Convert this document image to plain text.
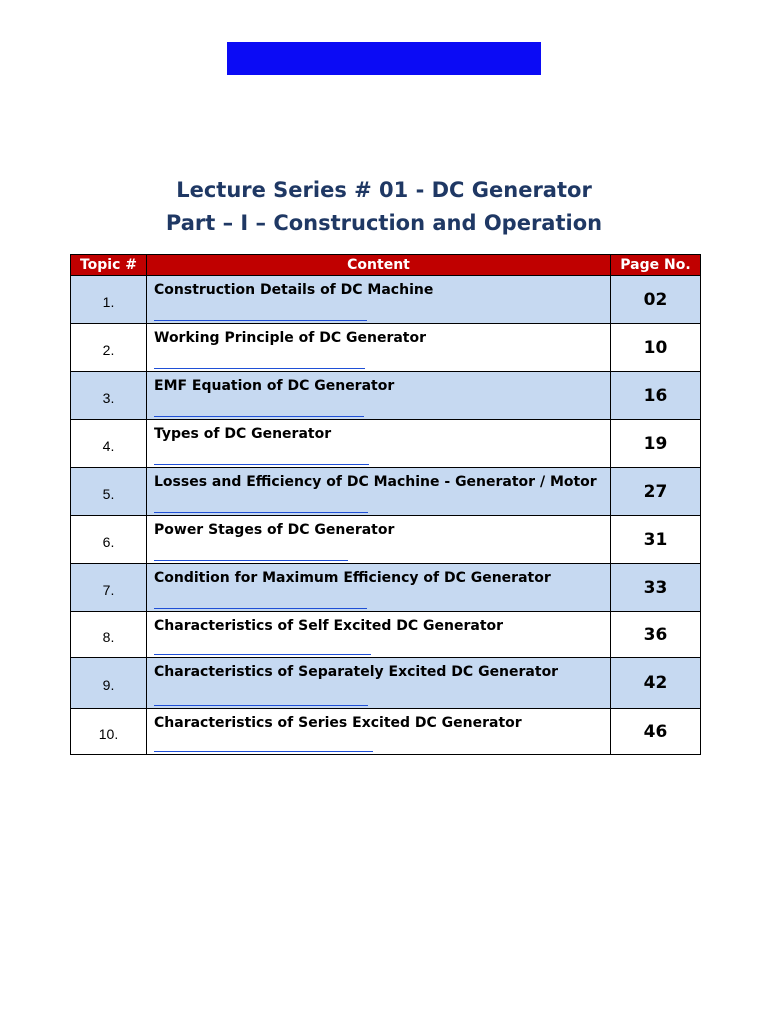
Lecture Series # 01 - DC Generator
Part – I – Construction and Operation
Topic #	Content	Page No.
1.	Construction Details of DC Machine	02
2.	Working Principle of DC Generator	10
3.	EMF Equation of DC Generator	16
4.	Types of DC Generator	19
5.	Losses and Efficiency of DC Machine - Generator / Motor	27
6.	Power Stages of DC Generator	31
7.	Condition for Maximum Efficiency of DC Generator	33
8.	Characteristics of Self Excited DC Generator	36
9.	Characteristics of Separately Excited DC Generator	42
10.	Characteristics of Series Excited DC Generator	46
